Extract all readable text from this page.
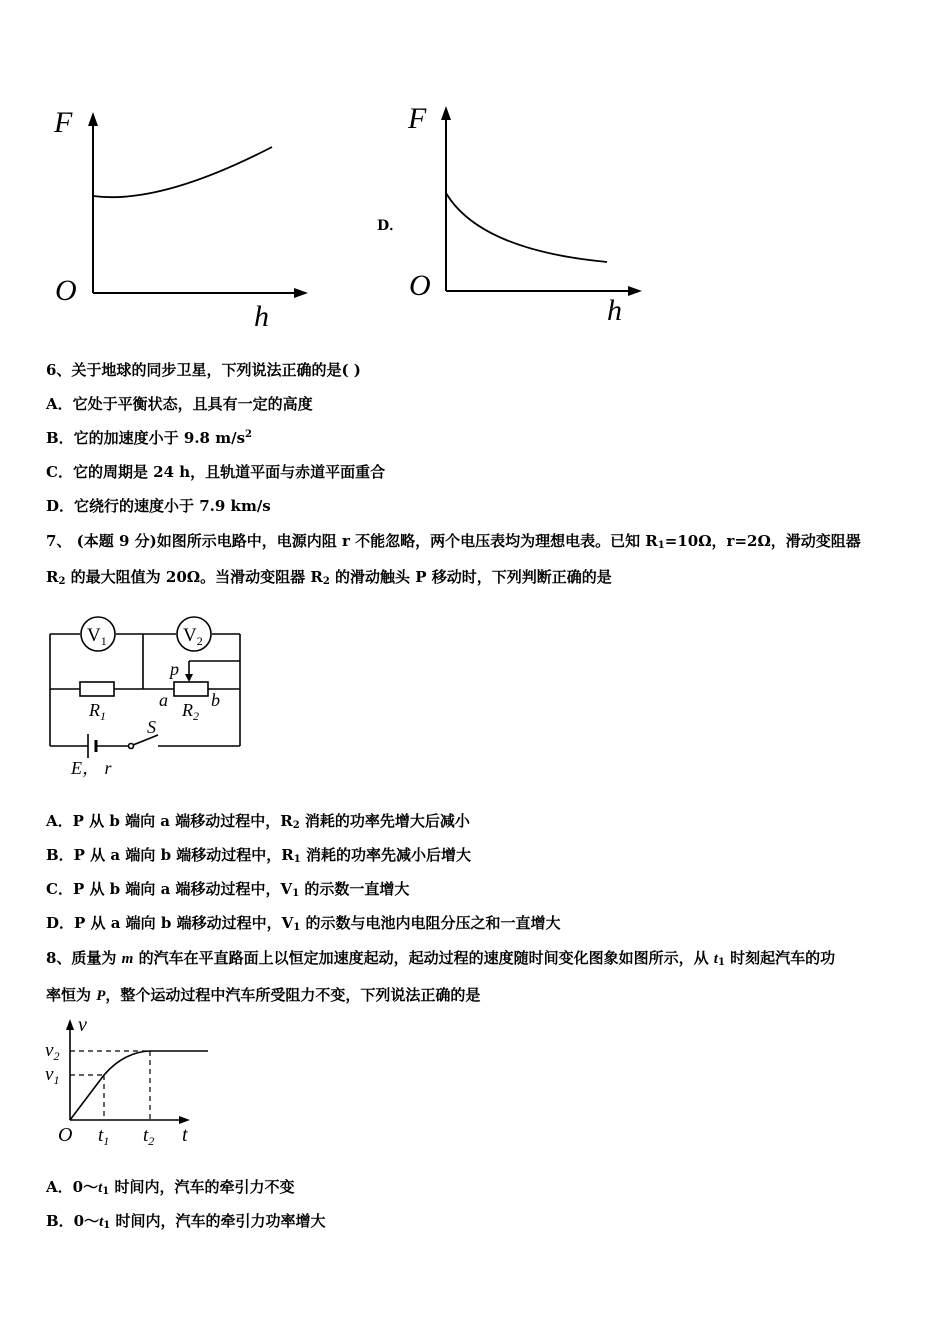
F
O
h
D．
F
O
h
6、关于地球的同步卫星，下列说法正确的是( )
A．它处于平衡状态，且具有一定的高度
B．它的加速度小于 9.8 $m/s^2$
C．它的周期是 24 h，且轨道平面与赤道平面重合
D．它绕行的速度小于 7.9 km/s
7、 (本题 9 分)如图所示电路中，电源内阻 r 不能忽略，两个电压表均为理想电表。已知 $R_1=10\Omega$，r=2Ω，滑动变阻器
$R_2$ 的最大阻值为 20Ω。当滑动变阻器 $R_2$ 的滑动触头 P 移动时，下列判断正确的是
$V_1$	$V_2$
p
$R_1$	$R_2$
a b
S
E， r
A．P 从 b 端向 a 端移动过程中，$R_2$ 消耗的功率先增大后减小
B．P 从 a 端向 b 端移动过程中，$R_1$ 消耗的功率先减小后增大
C．P 从 b 端向 a 端移动过程中，$V_1$ 的示数一直增大
D．P 从 a 端向 b 端移动过程中，$V_1$ 的示数与电池内电阻分压之和一直增大
8、质量为 m 的汽车在平直路面上以恒定加速度起动，起动过程的速度随时间变化图象如图所示，从 $t_1$ 时刻起汽车的功
率恒为 P，整个运动过程中汽车所受阻力不变，下列说法正确的是
v
$v_2$
$v_1$
O $t_1$ $t_2$ t
A．$0\sim t_1$ 时间内，汽车的牵引力不变
B．$0\sim t_1$ 时间内，汽车的牵引力功率增大
